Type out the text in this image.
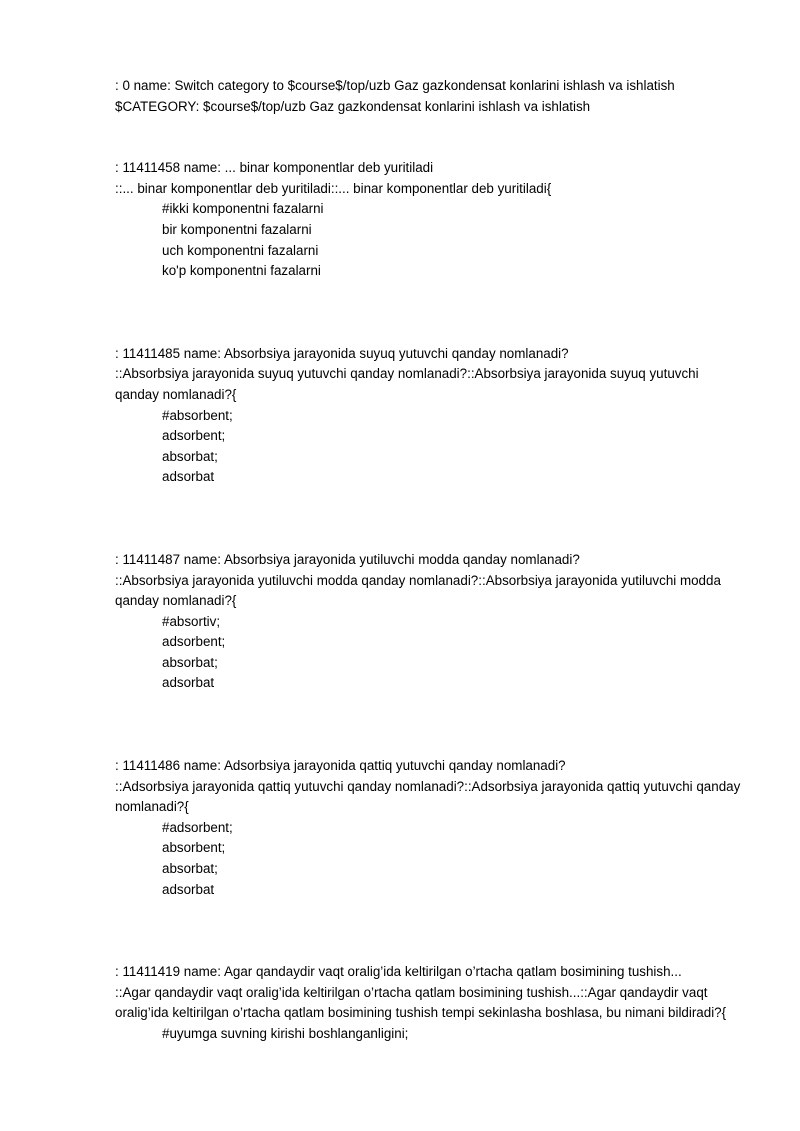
: 0 name: Switch category to $course$/top/uzb Gaz gazkondensat konlarini ishlash va ishlatish

$CATEGORY: $course$/top/uzb Gaz gazkondensat konlarini ishlash va ishlatish

: 11411458 name: ... binar komponentlar deb yuritiladi

::... binar komponentlar deb yuritiladi::... binar komponentlar deb yuritiladi{

#ikki komponentni fazalarni

bir komponentni fazalarni

uch komponentni fazalarni

ko'p komponentni fazalarni

: 11411485 name: Absorbsiya jarayonida suyuq yutuvchi qanday nomlanadi?

::Absorbsiya jarayonida suyuq yutuvchi qanday nomlanadi?::Absorbsiya jarayonida suyuq yutuvchi qanday nomlanadi?{

#absorbent;

adsorbent;

absorbat;

adsorbat

: 11411487 name: Absorbsiya jarayonida yutiluvchi modda qanday nomlanadi?

::Absorbsiya jarayonida yutiluvchi modda qanday nomlanadi?::Absorbsiya jarayonida yutiluvchi modda qanday nomlanadi?{

#absortiv;

adsorbent;

absorbat;

adsorbat

: 11411486 name: Adsorbsiya jarayonida qattiq yutuvchi qanday nomlanadi?

::Adsorbsiya jarayonida qattiq yutuvchi qanday nomlanadi?::Adsorbsiya jarayonida qattiq yutuvchi qanday nomlanadi?{

#adsorbent;

absorbent;

absorbat;

adsorbat

: 11411419 name: Agar qandaydir vaqt oralig’ida keltirilgan o’rtacha qatlam bosimining tushish...

::Agar qandaydir vaqt oralig’ida keltirilgan o’rtacha qatlam bosimining tushish...::Agar qandaydir vaqt oralig’ida keltirilgan o’rtacha qatlam bosimining tushish tempi sekinlasha boshlasa, bu nimani bildiradi?{

#uyumga suvning kirishi boshlanganligini;
